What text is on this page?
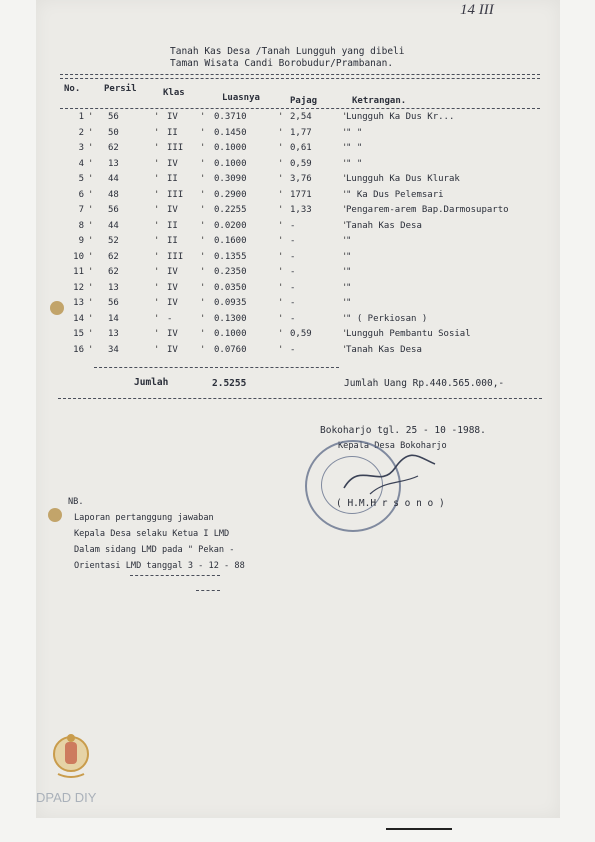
14 III
Tanah Kas Desa /Tanah Lungguh yang dibeli
Taman Wisata Candi Borobudur/Prambanan.
No.	Persil	Klas	Luasnya	Pajag	Ketrangan.
1	56	IV	0.3710	2,54	Lungguh Ka Dus Kr...
'	'	'	'	'
2	50	II	0.1450	1,77	" "
'	'	'	'	'
3	62	III	0.1000	0,61	" "
'	'	'	'	'
4	13	IV	0.1000	0,59	" "
'	'	'	'	'
5	44	II	0.3090	3,76	Lungguh Ka Dus Klurak
'	'	'	'	'
6	48	III	0.2900	1771	" Ka Dus Pelemsari
'	'	'	'	'
7	56	IV	0.2255	1,33	Pengarem-arem Bap.Darmosuparto
'	'	'	'	'
8	44	II	0.0200	-	Tanah Kas Desa
'	'	'	'	'
9	52	II	0.1600	-	"
'	'	'	'	'
10	62	III	0.1355	-	"
'	'	'	'	'
11	62	IV	0.2350	-	"
'	'	'	'	'
12	13	IV	0.0350	-	"
'	'	'	'	'
13	56	IV	0.0935	-	"
'	'	'	'	'
14	14	-	0.1300	-	" ( Perkiosan )
'	'	'	'	'
15	13	IV	0.1000	0,59	Lungguh Pembantu Sosial
'	'	'	'	'
16	34	IV	0.0760	-	Tanah Kas Desa
'	'	'	'	'
Jumlah	2.5255	Jumlah Uang Rp.440.565.000,-
Bokoharjo tgl. 25 - 10 -1988.
Kepala Desa Bokoharjo
( H.M.H r s o n o )
NB.
Laporan pertanggung jawaban
Kepala Desa selaku Ketua I LMD
Dalam sidang LMD pada " Pekan -
Orientasi LMD tanggal 3 - 12 - 88
DPAD DIY
